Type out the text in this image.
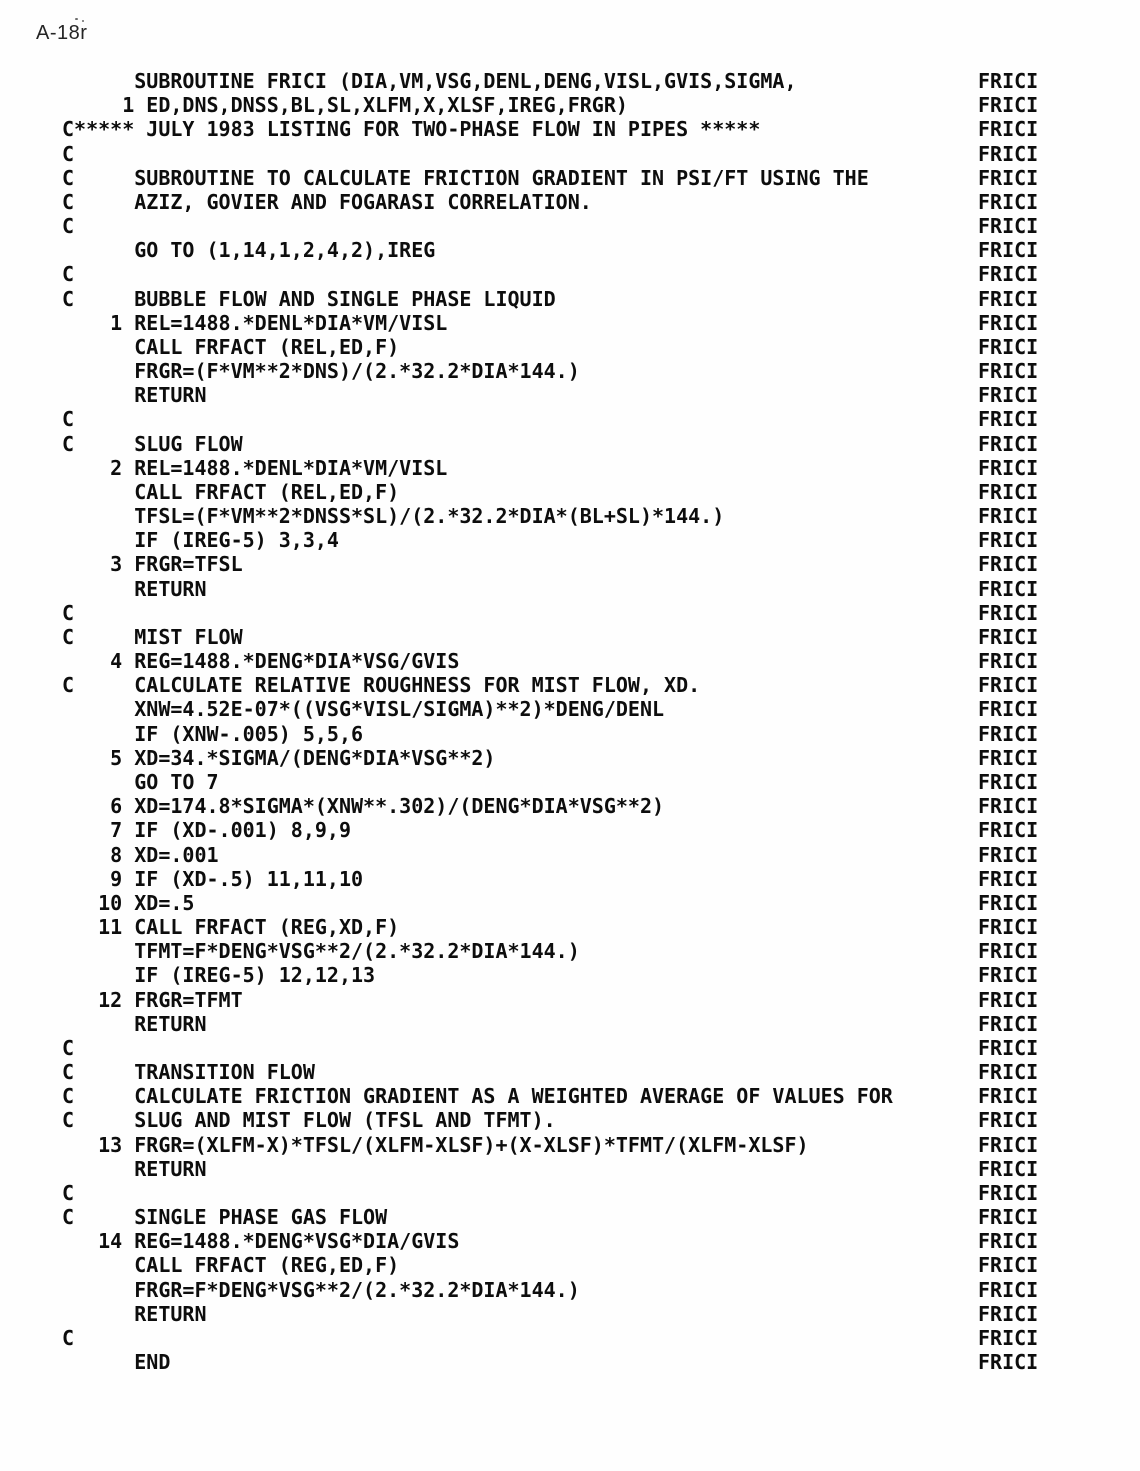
A-18r
SUBROUTINE FRICI (DIA,VM,VSG,DENL,DENG,VISL,GVIS,SIGMA,	FRICI
1 ED,DNS,DNSS,BL,SL,XLFM,X,XLSF,IREG,FRGR)	FRICI
C***** JULY 1983 LISTING FOR TWO-PHASE FLOW IN PIPES *****	FRICI
C	FRICI
C     SUBROUTINE TO CALCULATE FRICTION GRADIENT IN PSI/FT USING THE	FRICI
C     AZIZ, GOVIER AND FOGARASI CORRELATION.	FRICI
C	FRICI
GO TO (1,14,1,2,4,2),IREG	FRICI
C	FRICI
C     BUBBLE FLOW AND SINGLE PHASE LIQUID	FRICI
1 REL=1488.*DENL*DIA*VM/VISL	FRICI
CALL FRFACT (REL,ED,F)	FRICI
FRGR=(F*VM**2*DNS)/(2.*32.2*DIA*144.)	FRICI
RETURN	FRICI
C	FRICI
C     SLUG FLOW	FRICI
2 REL=1488.*DENL*DIA*VM/VISL	FRICI
CALL FRFACT (REL,ED,F)	FRICI
TFSL=(F*VM**2*DNSS*SL)/(2.*32.2*DIA*(BL+SL)*144.)	FRICI
IF (IREG-5) 3,3,4	FRICI
3 FRGR=TFSL	FRICI
RETURN	FRICI
C	FRICI
C     MIST FLOW	FRICI
4 REG=1488.*DENG*DIA*VSG/GVIS	FRICI
C     CALCULATE RELATIVE ROUGHNESS FOR MIST FLOW, XD.	FRICI
XNW=4.52E-07*((VSG*VISL/SIGMA)**2)*DENG/DENL	FRICI
IF (XNW-.005) 5,5,6	FRICI
5 XD=34.*SIGMA/(DENG*DIA*VSG**2)	FRICI
GO TO 7	FRICI
6 XD=174.8*SIGMA*(XNW**.302)/(DENG*DIA*VSG**2)	FRICI
7 IF (XD-.001) 8,9,9	FRICI
8 XD=.001	FRICI
9 IF (XD-.5) 11,11,10	FRICI
10 XD=.5	FRICI
11 CALL FRFACT (REG,XD,F)	FRICI
TFMT=F*DENG*VSG**2/(2.*32.2*DIA*144.)	FRICI
IF (IREG-5) 12,12,13	FRICI
12 FRGR=TFMT	FRICI
RETURN	FRICI
C	FRICI
C     TRANSITION FLOW	FRICI
C     CALCULATE FRICTION GRADIENT AS A WEIGHTED AVERAGE OF VALUES FOR	FRICI
C     SLUG AND MIST FLOW (TFSL AND TFMT).	FRICI
13 FRGR=(XLFM-X)*TFSL/(XLFM-XLSF)+(X-XLSF)*TFMT/(XLFM-XLSF)	FRICI
RETURN	FRICI
C	FRICI
C     SINGLE PHASE GAS FLOW	FRICI
14 REG=1488.*DENG*VSG*DIA/GVIS	FRICI
CALL FRFACT (REG,ED,F)	FRICI
FRGR=F*DENG*VSG**2/(2.*32.2*DIA*144.)	FRICI
RETURN	FRICI
C	FRICI
END	FRICI
